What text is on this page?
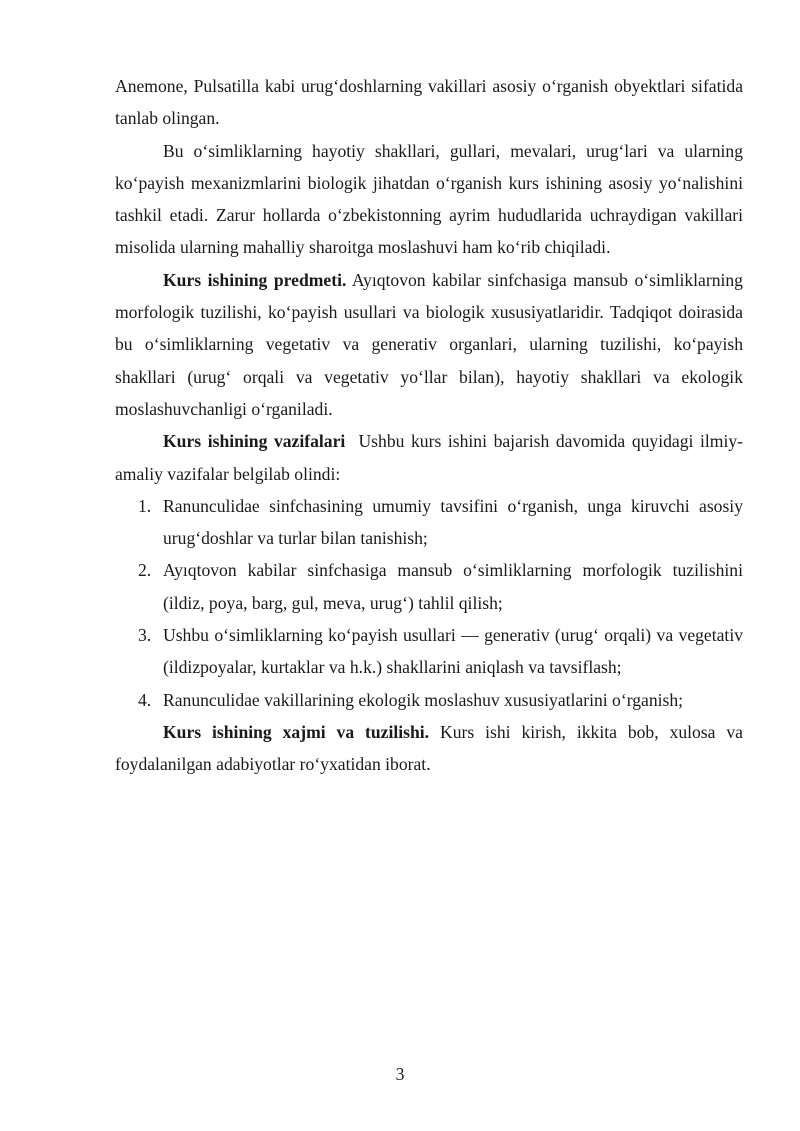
Anemone, Pulsatilla kabi urug‘doshlarning vakillari asosiy o‘rganish obyektlari sifatida tanlab olingan.

Bu o‘simliklarning hayotiy shakllari, gullari, mevalari, urug‘lari va ularning ko‘payish mexanizmlarini biologik jihatdan o‘rganish kurs ishining asosiy yo‘nalishini tashkil etadi. Zarur hollarda o‘zbekistonning ayrim hududlarida uchraydigan vakillari misolida ularning mahalliy sharoitga moslashuvi ham ko‘rib chiqiladi.

Kurs ishining predmeti. Ayıqtovon kabilar sinfchasiga mansub o‘simliklarning morfologik tuzilishi, ko‘payish usullari va biologik xususiyatlaridir. Tadqiqot doirasida bu o‘simliklarning vegetativ va generativ organlari, ularning tuzilishi, ko‘payish shakllari (urug‘ orqali va vegetativ yo‘llar bilan), hayotiy shakllari va ekologik moslashuvchanligi o‘rganiladi.

Kurs ishining vazifalari  Ushbu kurs ishini bajarish davomida quyidagi ilmiy-amaliy vazifalar belgilab olindi:

1. Ranunculidae sinfchasining umumiy tavsifini o‘rganish, unga kiruvchi asosiy urug‘doshlar va turlar bilan tanishish;
2. Ayıqtovon kabilar sinfchasiga mansub o‘simliklarning morfologik tuzilishini (ildiz, poya, barg, gul, meva, urug‘) tahlil qilish;
3. Ushbu o‘simliklarning ko‘payish usullari — generativ (urug‘ orqali) va vegetativ (ildizpoyalar, kurtaklar va h.k.) shakllarini aniqlash va tavsiflash;
4. Ranunculidae vakillarining ekologik moslashuv xususiyatlarini o‘rganish;

Kurs ishining xajmi va tuzilishi. Kurs ishi kirish, ikkita bob, xulosa va foydalanilgan adabiyotlar ro‘yxatidan iborat.

3
